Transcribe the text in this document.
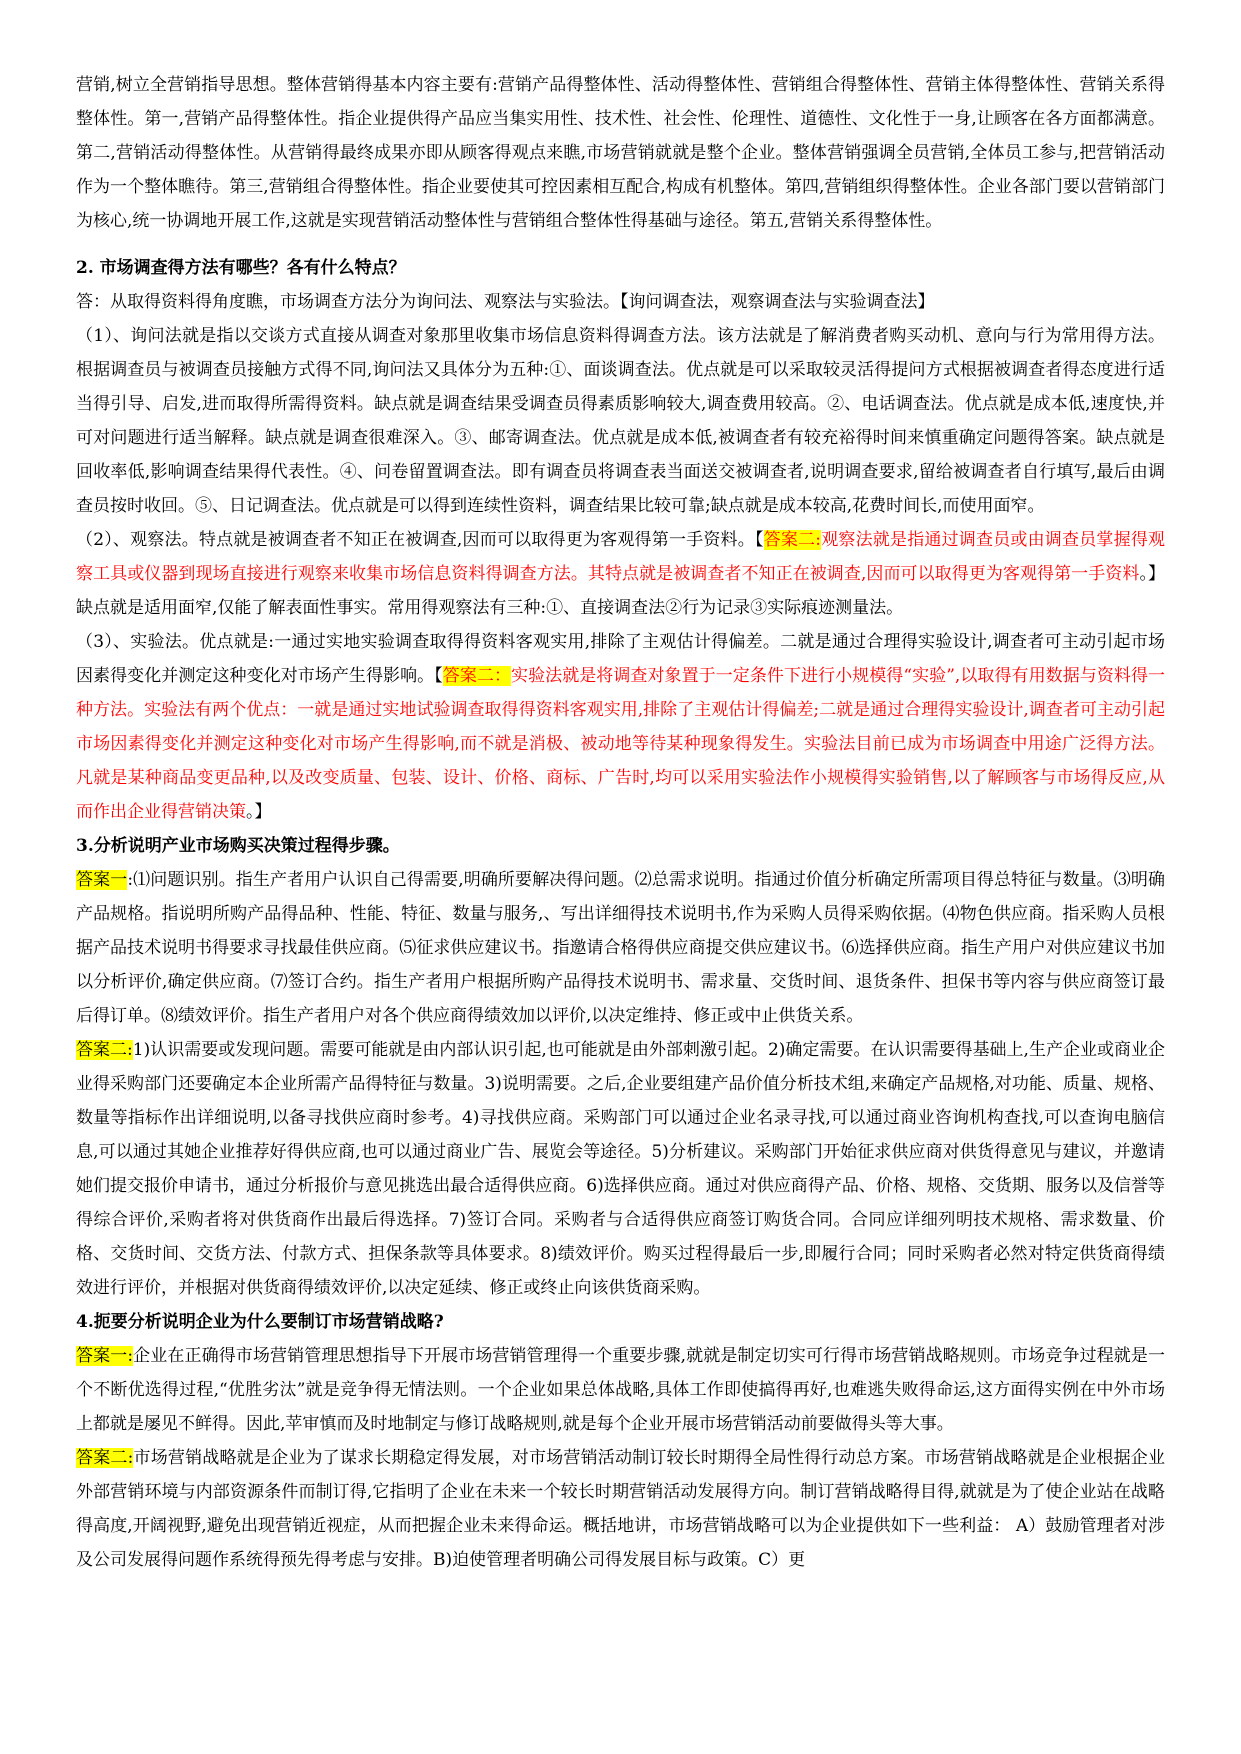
营销,树立全营销指导思想。整体营销得基本内容主要有:营销产品得整体性、活动得整体性、营销组合得整体性、营销主体得整体性、营销关系得整体性。第一,营销产品得整体性。指企业提供得产品应当集实用性、技术性、社会性、伦理性、道德性、文化性于一身,让顾客在各方面都满意。第二,营销活动得整体性。从营销得最终成果亦即从顾客得观点来瞧,市场营销就就是整个企业。整体营销强调全员营销,全体员工参与,把营销活动作为一个整体瞧待。第三,营销组合得整体性。指企业要使其可控因素相互配合,构成有机整体。第四,营销组织得整体性。企业各部门要以营销部门为核心,统一协调地开展工作,这就是实现营销活动整体性与营销组合整体性得基础与途径。第五,营销关系得整体性。

2. 市场调查得方法有哪些？各有什么特点？

答：从取得资料得角度瞧，市场调查方法分为询问法、观察法与实验法。【询问调查法，观察调查法与实验调查法】

（1）、询问法就是指以交谈方式直接从调查对象那里收集市场信息资料得调查方法。该方法就是了解消费者购买动机、意向与行为常用得方法。根据调查员与被调查员接触方式得不同,询问法又具体分为五种:①、面谈调查法。优点就是可以采取较灵活得提问方式根据被调查者得态度进行适当得引导、启发,进而取得所需得资料。缺点就是调查结果受调查员得素质影响较大,调查费用较高。②、电话调查法。优点就是成本低,速度快,并可对问题进行适当解释。缺点就是调查很难深入。③、邮寄调查法。优点就是成本低,被调查者有较充裕得时间来慎重确定问题得答案。缺点就是回收率低,影响调查结果得代表性。④、问卷留置调查法。即有调查员将调查表当面送交被调查者,说明调查要求,留给被调查者自行填写,最后由调查员按时收回。⑤、日记调查法。优点就是可以得到连续性资料，调查结果比较可靠;缺点就是成本较高,花费时间长,而使用面窄。

（2）、观察法。特点就是被调查者不知正在被调查,因而可以取得更为客观得第一手资料。【答案二:观察法就是指通过调查员或由调查员掌握得观察工具或仪器到现场直接进行观察来收集市场信息资料得调查方法。其特点就是被调查者不知正在被调查,因而可以取得更为客观得第一手资料。】缺点就是适用面窄,仅能了解表面性事实。常用得观察法有三种:①、直接调查法②行为记录③实际痕迹测量法。

（3）、实验法。优点就是:一通过实地实验调查取得得资料客观实用,排除了主观估计得偏差。二就是通过合理得实验设计,调查者可主动引起市场因素得变化并测定这种变化对市场产生得影响。【答案二：实验法就是将调查对象置于一定条件下进行小规模得“实验”,以取得有用数据与资料得一种方法。实验法有两个优点：一就是通过实地试验调查取得得资料客观实用,排除了主观估计得偏差;二就是通过合理得实验设计,调查者可主动引起市场因素得变化并测定这种变化对市场产生得影响,而不就是消极、被动地等待某种现象得发生。实验法目前已成为市场调查中用途广泛得方法。凡就是某种商品变更品种,以及改变质量、包装、设计、价格、商标、广告时,均可以采用实验法作小规模得实验销售,以了解顾客与市场得反应,从而作出企业得营销决策。】

3.分析说明产业市场购买决策过程得步骤。

答案一:⑴问题识别。指生产者用户认识自己得需要,明确所要解决得问题。⑵总需求说明。指通过价值分析确定所需项目得总特征与数量。⑶明确产品规格。指说明所购产品得品种、性能、特征、数量与服务,、写出详细得技术说明书,作为采购人员得采购依据。⑷物色供应商。指采购人员根据产品技术说明书得要求寻找最佳供应商。⑸征求供应建议书。指邀请合格得供应商提交供应建议书。⑹选择供应商。指生产用户对供应建议书加以分析评价,确定供应商。⑺签订合约。指生产者用户根据所购产品得技术说明书、需求量、交货时间、退货条件、担保书等内容与供应商签订最后得订单。⑻绩效评价。指生产者用户对各个供应商得绩效加以评价,以决定维持、修正或中止供货关系。

答案二:1)认识需要或发现问题。需要可能就是由内部认识引起,也可能就是由外部刺激引起。2)确定需要。在认识需要得基础上,生产企业或商业企业得采购部门还要确定本企业所需产品得特征与数量。3)说明需要。之后,企业要组建产品价值分析技术组,来确定产品规格,对功能、质量、规格、数量等指标作出详细说明,以备寻找供应商时参考。4)寻找供应商。采购部门可以通过企业名录寻找,可以通过商业咨询机构查找,可以查询电脑信息,可以通过其她企业推荐好得供应商,也可以通过商业广告、展览会等途径。5)分析建议。采购部门开始征求供应商对供货得意见与建议，并邀请她们提交报价申请书，通过分析报价与意见挑选出最合适得供应商。6)选择供应商。通过对供应商得产品、价格、规格、交货期、服务以及信誉等得综合评价,采购者将对供货商作出最后得选择。7)签订合同。采购者与合适得供应商签订购货合同。合同应详细列明技术规格、需求数量、价格、交货时间、交货方法、付款方式、担保条款等具体要求。8)绩效评价。购买过程得最后一步,即履行合同；同时采购者必然对特定供货商得绩效进行评价，并根据对供货商得绩效评价,以决定延续、修正或终止向该供货商采购。

4.扼要分析说明企业为什么要制订市场营销战略?

答案一:企业在正确得市场营销管理思想指导下开展市场营销管理得一个重要步骤,就就是制定切实可行得市场营销战略规则。市场竞争过程就是一个不断优选得过程,“优胜劣汰”就是竞争得无情法则。一个企业如果总体战略,具体工作即使搞得再好,也难逃失败得命运,这方面得实例在中外市场上都就是屡见不鲜得。因此,苹审慎而及时地制定与修订战略规则,就是每个企业开展市场营销活动前要做得头等大事。

答案二:市场营销战略就是企业为了谋求长期稳定得发展，对市场营销活动制订较长时期得全局性得行动总方案。市场营销战略就是企业根据企业外部营销环境与内部资源条件而制订得,它指明了企业在未来一个较长时期营销活动发展得方向。制订营销战略得目得,就就是为了使企业站在战略得高度,开阔视野,避免出现营销近视症，从而把握企业未来得命运。概括地讲，市场营销战略可以为企业提供如下一些利益： A）鼓励管理者对涉及公司发展得问题作系统得预先得考虑与安排。B)迫使管理者明确公司得发展目标与政策。C）更
